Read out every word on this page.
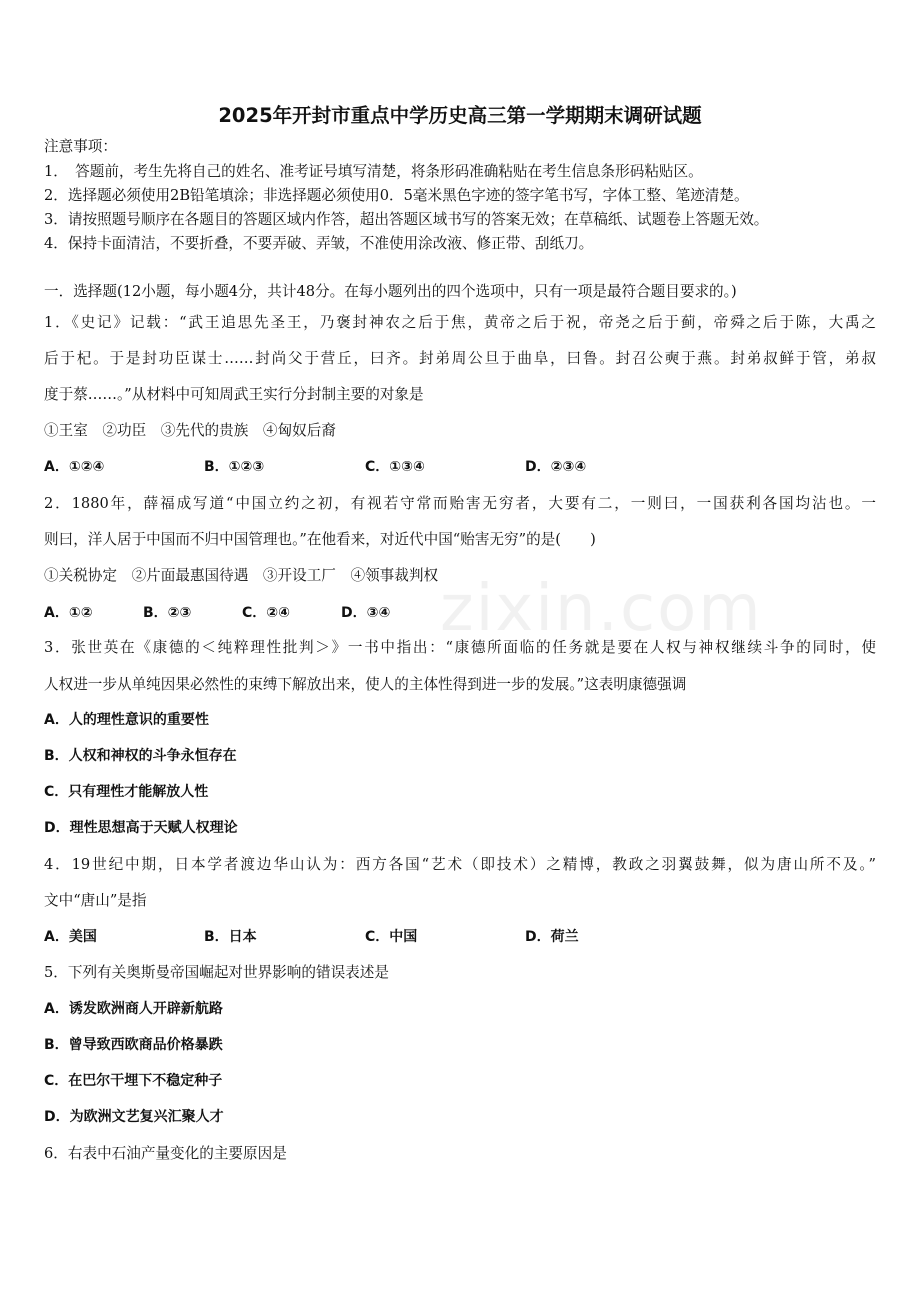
zixin.com
2025年开封市重点中学历史高三第一学期期末调研试题
注意事项：
1．　答题前，考生先将自己的姓名、准考证号填写清楚，将条形码准确粘贴在考生信息条形码粘贴区。
2．选择题必须使用2B铅笔填涂；非选择题必须使用0．5毫米黑色字迹的签字笔书写，字体工整、笔迹清楚。
3．请按照题号顺序在各题目的答题区域内作答，超出答题区域书写的答案无效；在草稿纸、试题卷上答题无效。
4．保持卡面清洁，不要折叠，不要弄破、弄皱，不准使用涂改液、修正带、刮纸刀。
一．选择题(12小题，每小题4分，共计48分。在每小题列出的四个选项中，只有一项是最符合题目要求的。)
1．《史记》记载：“武王追思先圣王，乃褒封神农之后于焦，黄帝之后于祝，帝尧之后于蓟，帝舜之后于陈，大禹之
后于杞。于是封功臣谋士……封尚父于营丘，曰齐。封弟周公旦于曲阜，曰鲁。封召公奭于燕。封弟叔鲜于管，弟叔
度于蔡……。”从材料中可知周武王实行分封制主要的对象是
①王室　②功臣　③先代的贵族　④匈奴后裔
A．①②④	B．①②③	C．①③④	D．②③④
2．1880年，薛福成写道“中国立约之初，有视若守常而贻害无穷者，大要有二，一则曰，一国获利各国均沾也。一
则曰，洋人居于中国而不归中国管理也。”在他看来，对近代中国“贻害无穷”的是(　　)
①关税协定　②片面最惠国待遇　③开设工厂　④领事裁判权
A．①②	B．②③	C．②④	D．③④
3．张世英在《康德的＜纯粹理性批判＞》一书中指出：“康德所面临的任务就是要在人权与神权继续斗争的同时，使
人权进一步从单纯因果必然性的束缚下解放出来，使人的主体性得到进一步的发展。”这表明康德强调
A．人的理性意识的重要性
B．人权和神权的斗争永恒存在
C．只有理性才能解放人性
D．理性思想高于天赋人权理论
4．19世纪中期，日本学者渡边华山认为：西方各国“艺术（即技术）之精博，教政之羽翼鼓舞，似为唐山所不及。”
文中“唐山”是指
A．美国	B．日本	C．中国	D．荷兰
5．下列有关奥斯曼帝国崛起对世界影响的错误表述是
A．诱发欧洲商人开辟新航路
B．曾导致西欧商品价格暴跌
C．在巴尔干埋下不稳定种子
D．为欧洲文艺复兴汇聚人才
6．右表中石油产量变化的主要原因是
